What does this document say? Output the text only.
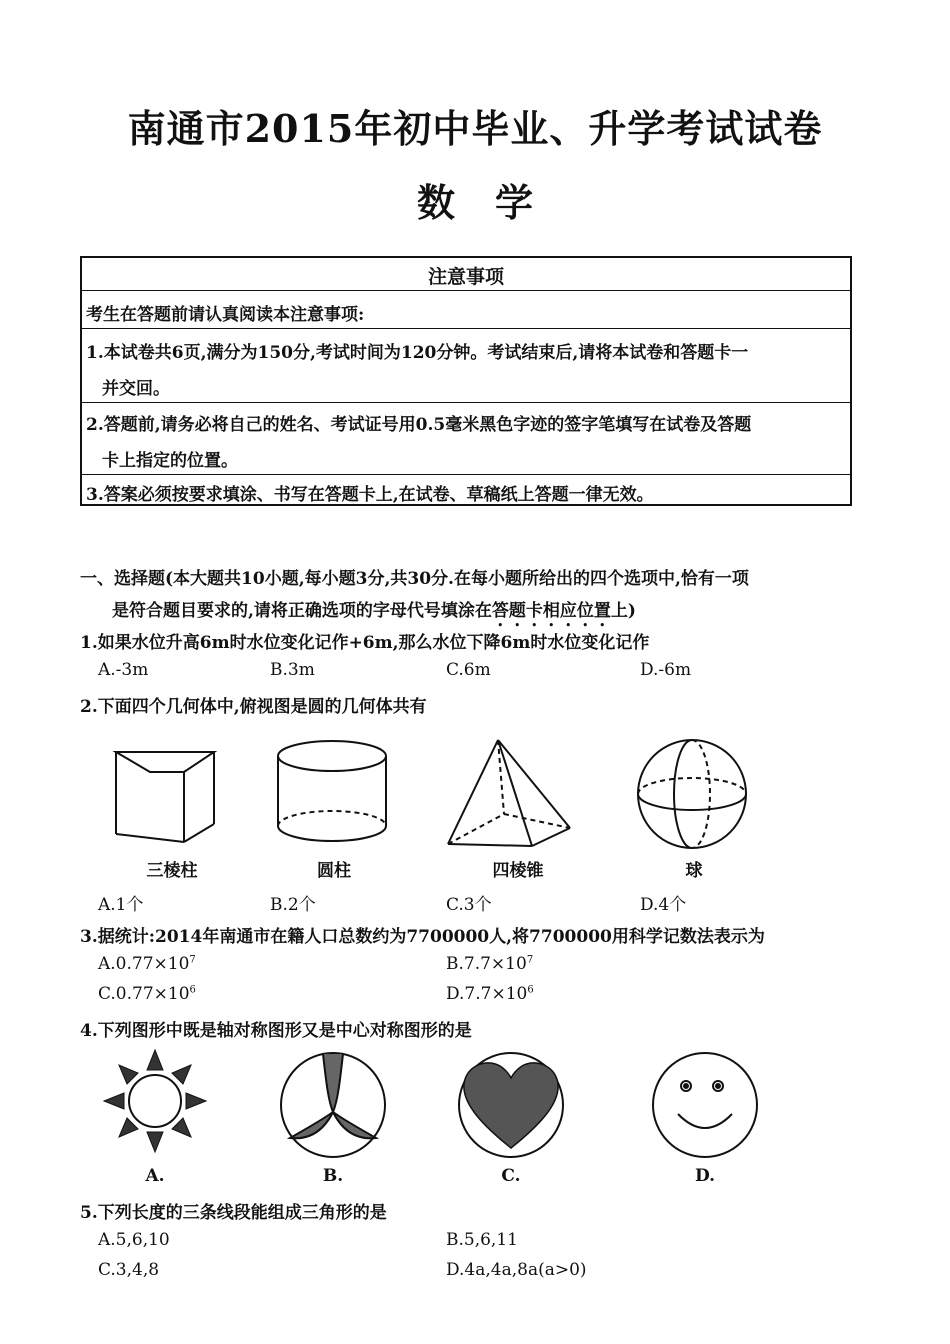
南通市2015年初中毕业、升学考试试卷
数学
注意事项
考生在答题前请认真阅读本注意事项:
1.本试卷共6页,满分为150分,考试时间为120分钟。考试结束后,请将本试卷和答题卡一
并交回。
2.答题前,请务必将自己的姓名、考试证号用0.5毫米黑色字迹的签字笔填写在试卷及答题
卡上指定的位置。
3.答案必须按要求填涂、书写在答题卡上,在试卷、草稿纸上答题一律无效。
一、选择题(本大题共10小题,每小题3分,共30分.在每小题所给出的四个选项中,恰有一项
是符合题目要求的,请将正确选项的字母代号填涂在答题卡相应位置上)
1.如果水位升高6m时水位变化记作+6m,那么水位下降6m时水位变化记作
A.-3m	B.3m	C.6m	D.-6m
2.下面四个几何体中,俯视图是圆的几何体共有
三棱柱	圆柱	四棱锥	球
A.1个	B.2个	C.3个	D.4个
3.据统计:2014年南通市在籍人口总数约为7700000人,将7700000用科学记数法表示为
$A.0.77\times 10^7$	$B.7.7\times 10^7$
$C.0.77\times 10^6$	$D.7.7\times 10^6$
4.下列图形中既是轴对称图形又是中心对称图形的是
A.	B.	C.	D.
5.下列长度的三条线段能组成三角形的是
A.5,6,10	B.5,6,11
C.3,4,8	D.4a,4a,8a(a>0)
